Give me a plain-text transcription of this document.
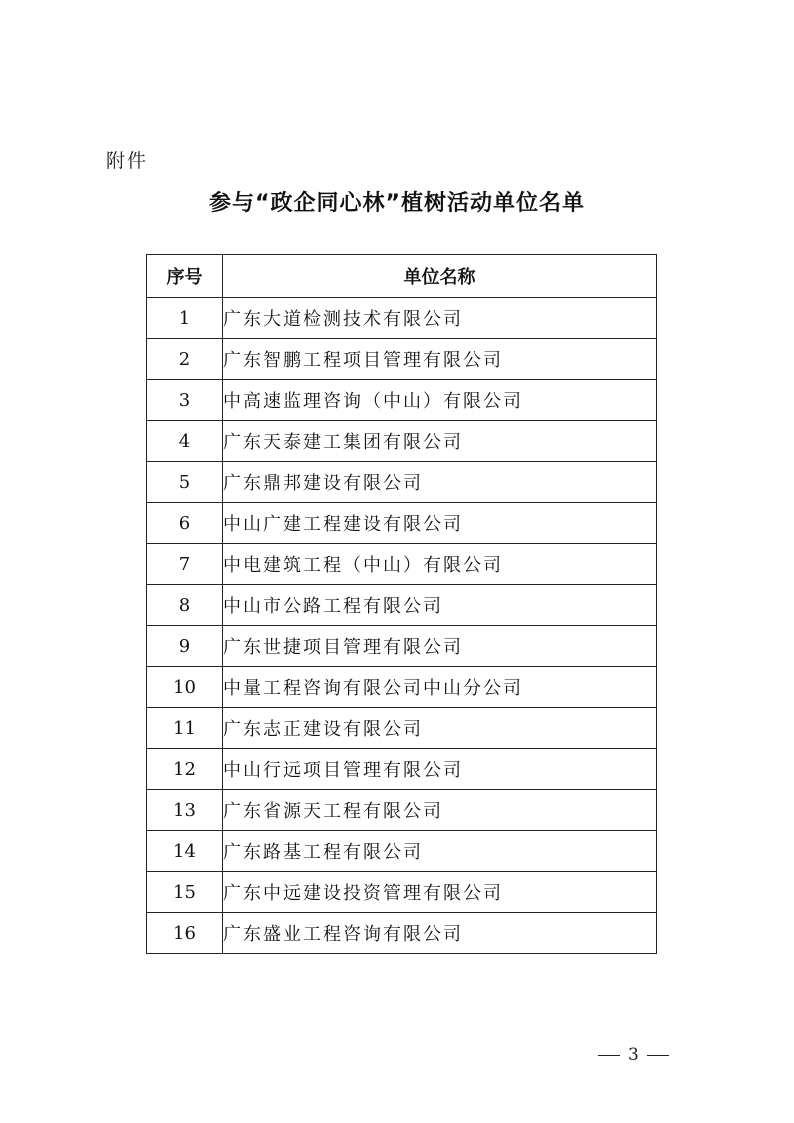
附件
参与“政企同心林”植树活动单位名单
序号	单位名称
1	广东大道检测技术有限公司
2	广东智鹏工程项目管理有限公司
3	中高速监理咨询（中山）有限公司
4	广东天泰建工集团有限公司
5	广东鼎邦建设有限公司
6	中山广建工程建设有限公司
7	中电建筑工程（中山）有限公司
8	中山市公路工程有限公司
9	广东世捷项目管理有限公司
10	中量工程咨询有限公司中山分公司
11	广东志正建设有限公司
12	中山行远项目管理有限公司
13	广东省源天工程有限公司
14	广东路基工程有限公司
15	广东中远建设投资管理有限公司
16	广东盛业工程咨询有限公司
3
